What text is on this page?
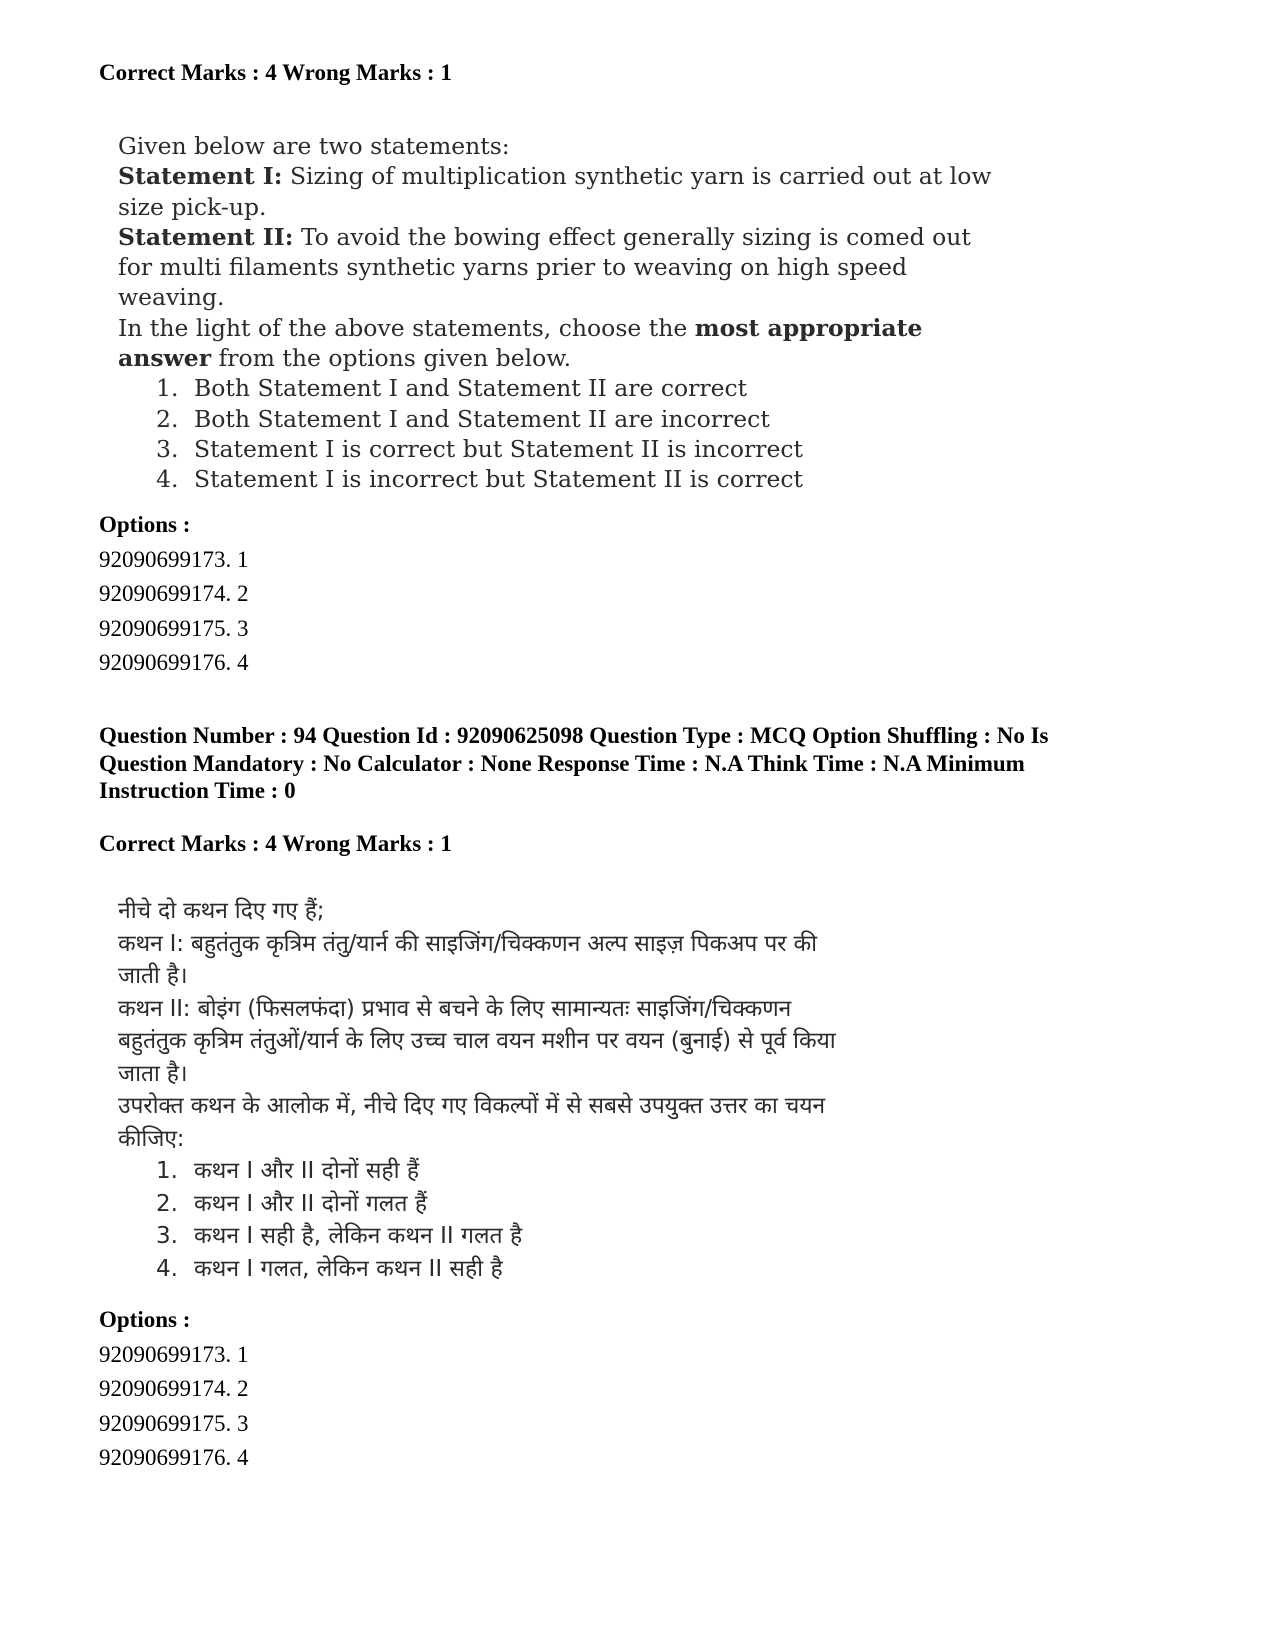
Correct Marks : 4 Wrong Marks : 1
Given below are two statements:
Statement I: Sizing of multiplication synthetic yarn is carried out at low
size pick-up.
Statement II: To avoid the bowing effect generally sizing is comed out
for multi filaments synthetic yarns prier to weaving on high speed
weaving.
In the light of the above statements, choose the most appropriate
answer from the options given below.
1. Both Statement I and Statement II are correct
2. Both Statement I and Statement II are incorrect
3. Statement I is correct but Statement II is incorrect
4. Statement I is incorrect but Statement II is correct
Options :
92090699173. 1
92090699174. 2
92090699175. 3
92090699176. 4
Question Number : 94 Question Id : 92090625098 Question Type : MCQ Option Shuffling : No Is
Question Mandatory : No Calculator : None Response Time : N.A Think Time : N.A Minimum
Instruction Time : 0
Correct Marks : 4 Wrong Marks : 1
नीचे दो कथन दिए गए हैं;
कथन I: बहुतंतुक कृत्रिम तंतु/यार्न की साइजिंग/चिक्कणन अल्प साइज़ पिकअप पर की
जाती है।
कथन II: बोइंग (फिसलफंदा) प्रभाव से बचने के लिए सामान्यतः साइजिंग/चिक्कणन
बहुतंतुक कृत्रिम तंतुओं/यार्न के लिए उच्च चाल वयन मशीन पर वयन (बुनाई) से पूर्व किया
जाता है।
उपरोक्त कथन के आलोक में, नीचे दिए गए विकल्पों में से सबसे उपयुक्त उत्तर का चयन
कीजिए:
1. कथन I और II दोनों सही हैं
2. कथन I और II दोनों गलत हैं
3. कथन I सही है, लेकिन कथन II गलत है
4. कथन I गलत, लेकिन कथन II सही है
Options :
92090699173. 1
92090699174. 2
92090699175. 3
92090699176. 4
